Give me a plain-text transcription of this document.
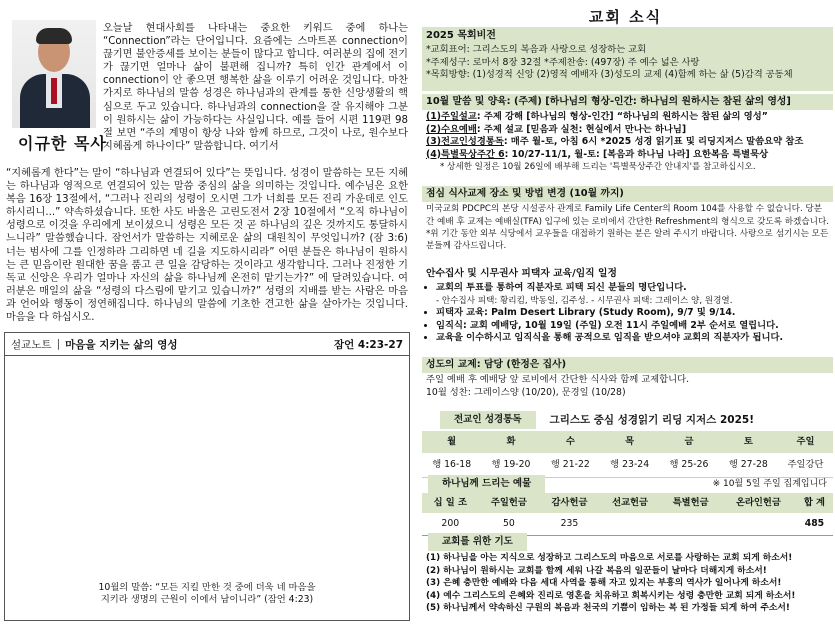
이규한 목사

오늘날 현대사회를 나타내는 중요한 키워드 중에 하나는 “Connection”라는 단어입니다. 요즘에는 스마트폰 connection이 끊기면 불안증세를 보이는 분들이 많다고 합니다. 여러분의 집에 전기가 끊기면 얼마나 삶이 불편해 집니까? 특히 인간 관계에서 이 connection이 안 좋으면 행복한 삶을 이루기 어려운 것입니다. 마찬가지로 하나님의 말씀 성경은 하나님과의 관계를 통한 신앙생활의 핵심으로 두고 있습니다. 하나님과의 connection을 잘 유지해야 그분이 원하시는 삶이 가능하다는 사실입니다. 예를 들어 시편 119편 98절 보면 “주의 계명이 항상 나와 함께 하므로, 그것이 나로, 원수보다 지혜롭게 하나이다” 말씀합니다. 여기서

“지혜롭게 한다”는 말이 “하나님과 연결되어 있다”는 뜻입니다. 성경이 말씀하는 모든 지혜는 하나님과 영적으로 연결되어 있는 말씀 중심의 삶을 의미하는 것입니다. 예수님은 요한복음 16장 13절에서, “그러나 진리의 성령이 오시면 그가 너희를 모든 진리 가운데로 인도하시리니...” 약속하셨습니다. 또한 사도 바울은 고린도전서 2장 10절에서 “오직 하나님이 성령으로 이것을 우리에게 보이셨으니 성령은 모든 것 곧 하나님의 깊은 것까지도 통달하시느니라” 말씀했습니다. 잠언서가 말씀하는 지혜로운 삶의 대원칙이 무엇입니까? (잠 3:6) 너는 범사에 그를 인정하라 그리하면 네 길을 지도하시리라” 어떤 분들은 하나님이 원하시는 큰 믿음이란 원대한 꿈을 품고 큰 일을 감당하는 것이라고 생각합니다. 그러나 진정한 기독교 신앙은 우리가 얼마나 자신의 삶을 하나님께 온전히 맡기는가?” 에 달려있습니다. 여러분은 매일의 삶을 “성령의 다스림에 맡기고 있습니까?” 성령의 지배를 받는 사람은 마음과 언어와 행동이 정연해집니다. 하나님의 말씀에 기초한 견고한 삶을 살아가는 것입니다. 마음을 다 하십시오.

설교노트 | 마음을 지키는 삶의 영성	잠언 4:23-27
10월의 말씀: “모든 지킬 만한 것 중에 더욱 네 마음을
지키라 생명의 근원이 이에서 남이니라” (잠언 4:23)
교회 소식
2025 목회비전
*교회표어: 그리스도의 복음과 사랑으로 성장하는 교회
*주제성구: 로마서 8장 32절 *주제찬송: (497장) 주 예수 넓은 사랑
*목회방향: (1)성경적 신앙 (2)영적 예배자 (3)성도의 교제 (4)함께 하는 삶 (5)감격 공동체
10월 말씀 및 양육: (주제) [하나님의 형상-인간: 하나님의 원하시는 참된 삶의 영성]
(1)주일설교: 주제 강해 [하나님의 형상-인간] “하나님의 원하시는 참된 삶의 영성”
(2)수요예배: 주제 설교 [믿음과 실천: 현실에서 만나는 하나님]
(3)전교인성경통독: 매주 월-토, 아침 6시 *2025 성경 읽기표 및 리딩지저스 말씀요약 참조
(4)특별묵상주간 6: 10/27-11/1, 월-토: [복음과 하나님 나라] 요한복음 특별묵상
* 상세한 일정은 10월 26일에 배부해 드리는 '특별묵상주간 안내지'를 참고하십시오.
점심 식사교제 장소 및 방법 변경 (10월 까지)
미국교회 PDCPC의 본당 시설공사 관계로 Family Life Center의 Room 104를 사용할 수 없습니다. 당분간 예배 후 교제는 예배실(TFA) 입구에 있는 로비에서 간단한 Refreshment의 형식으로 갖도록 하겠습니다. *위 기간 동안 외부 식당에서 교우들을 대접하기 원하는 분은 알려 주시기 바랍니다. 사랑으로 섬기시는 모든 분들께 감사드립니다.
안수집사 및 시무권사 피택자 교육/임직 일정
• 교회의 투표를 통하여 직분자로 피택 되신 분들의 명단입니다.
- 안수집사 피택: 황리킴, 박동일, 김주성. - 시무권사 피택: 그레이스 양, 원경열.
• 피택자 교육: Palm Desert Library (Study Room), 9/7 및 9/14.
• 임직식: 교회 예배당, 10월 19일 (주일) 오전 11시 주일예배 2부 순서로 열립니다.
• 교육을 이수하시고 임직식을 통해 공적으로 임직을 받으셔야 교회의 직분자가 됩니다.
성도의 교제: 담당 (한정은 집사)
주일 예배 후 예배당 앞 로비에서 간단한 식사와 함께 교제합니다.
10월 성찬: 그레이스양 (10/20), 문경일 (10/28)
전교인 성경통독	그리스도 중심 성경읽기 리딩 지저스 2025!
월	화	수	목	금	토	주일
행 16-18	행 19-20	행 21-22	행 23-24	행 25-26	행 27-28	주일강단
하나님께 드리는 예물	※ 10월 5일 주일 집계입니다
십 일 조	주일헌금	감사헌금	선교헌금	특별헌금	온라인헌금	합 계
200	50	235				485
교회를 위한 기도
(1) 하나님을 아는 지식으로 성장하고 그리스도의 마음으로 서로를 사랑하는 교회 되게 하소서!
(2) 하나님이 원하시는 교회를 함께 세워 나갈 복음의 일꾼들이 날마다 더해지게 하소서!
(3) 은혜 충만한 예배와 다음 세대 사역을 통해 자고 있지는 부흥의 역사가 일어나게 하소서!
(4) 예수 그리스도의 은혜와 진리로 영혼을 치유하고 회복시키는 성령 충만한 교회 되게 하소서!
(5) 하나님께서 약속하신 구원의 복음과 천국의 기쁨이 임하는 복 된 가정들 되게 하여 주소서!
